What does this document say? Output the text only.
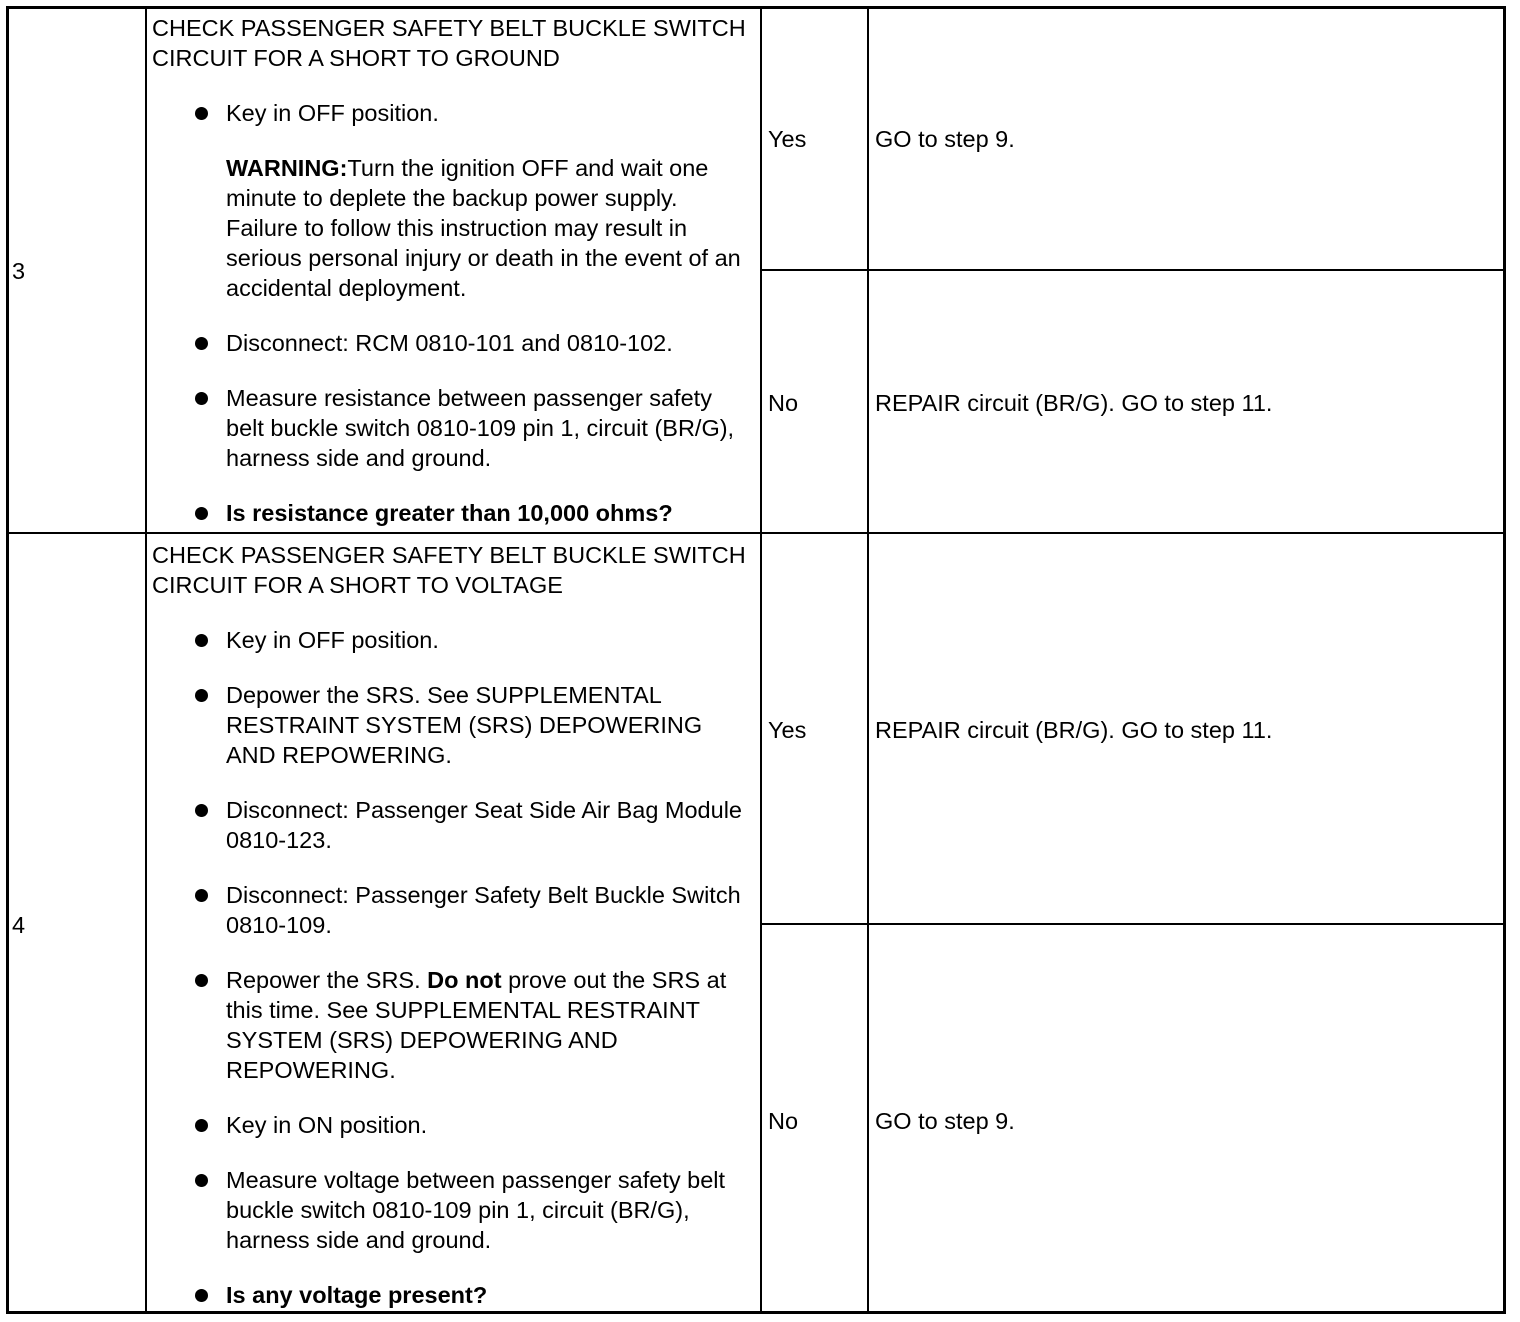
3
CHECK PASSENGER SAFETY BELT BUCKLE SWITCH CIRCUIT FOR A SHORT TO GROUND
Key in OFF position.
WARNING:Turn the ignition OFF and wait one minute to deplete the backup power supply. Failure to follow this instruction may result in serious personal injury or death in the event of an accidental deployment.
Disconnect: RCM 0810-101 and 0810-102.
Measure resistance between passenger safety belt buckle switch 0810-109 pin 1, circuit (BR/G), harness side and ground.
Is resistance greater than 10,000 ohms?
Yes	GO to step 9.
No	REPAIR circuit (BR/G). GO to step 11.
4
CHECK PASSENGER SAFETY BELT BUCKLE SWITCH CIRCUIT FOR A SHORT TO VOLTAGE
Key in OFF position.
Depower the SRS. See SUPPLEMENTAL RESTRAINT SYSTEM (SRS) DEPOWERING AND REPOWERING.
Disconnect: Passenger Seat Side Air Bag Module 0810-123.
Disconnect: Passenger Safety Belt Buckle Switch 0810-109.
Repower the SRS. Do not prove out the SRS at this time. See SUPPLEMENTAL RESTRAINT SYSTEM (SRS) DEPOWERING AND REPOWERING.
Key in ON position.
Measure voltage between passenger safety belt buckle switch 0810-109 pin 1, circuit (BR/G), harness side and ground.
Is any voltage present?
Yes	REPAIR circuit (BR/G). GO to step 11.
No	GO to step 9.
